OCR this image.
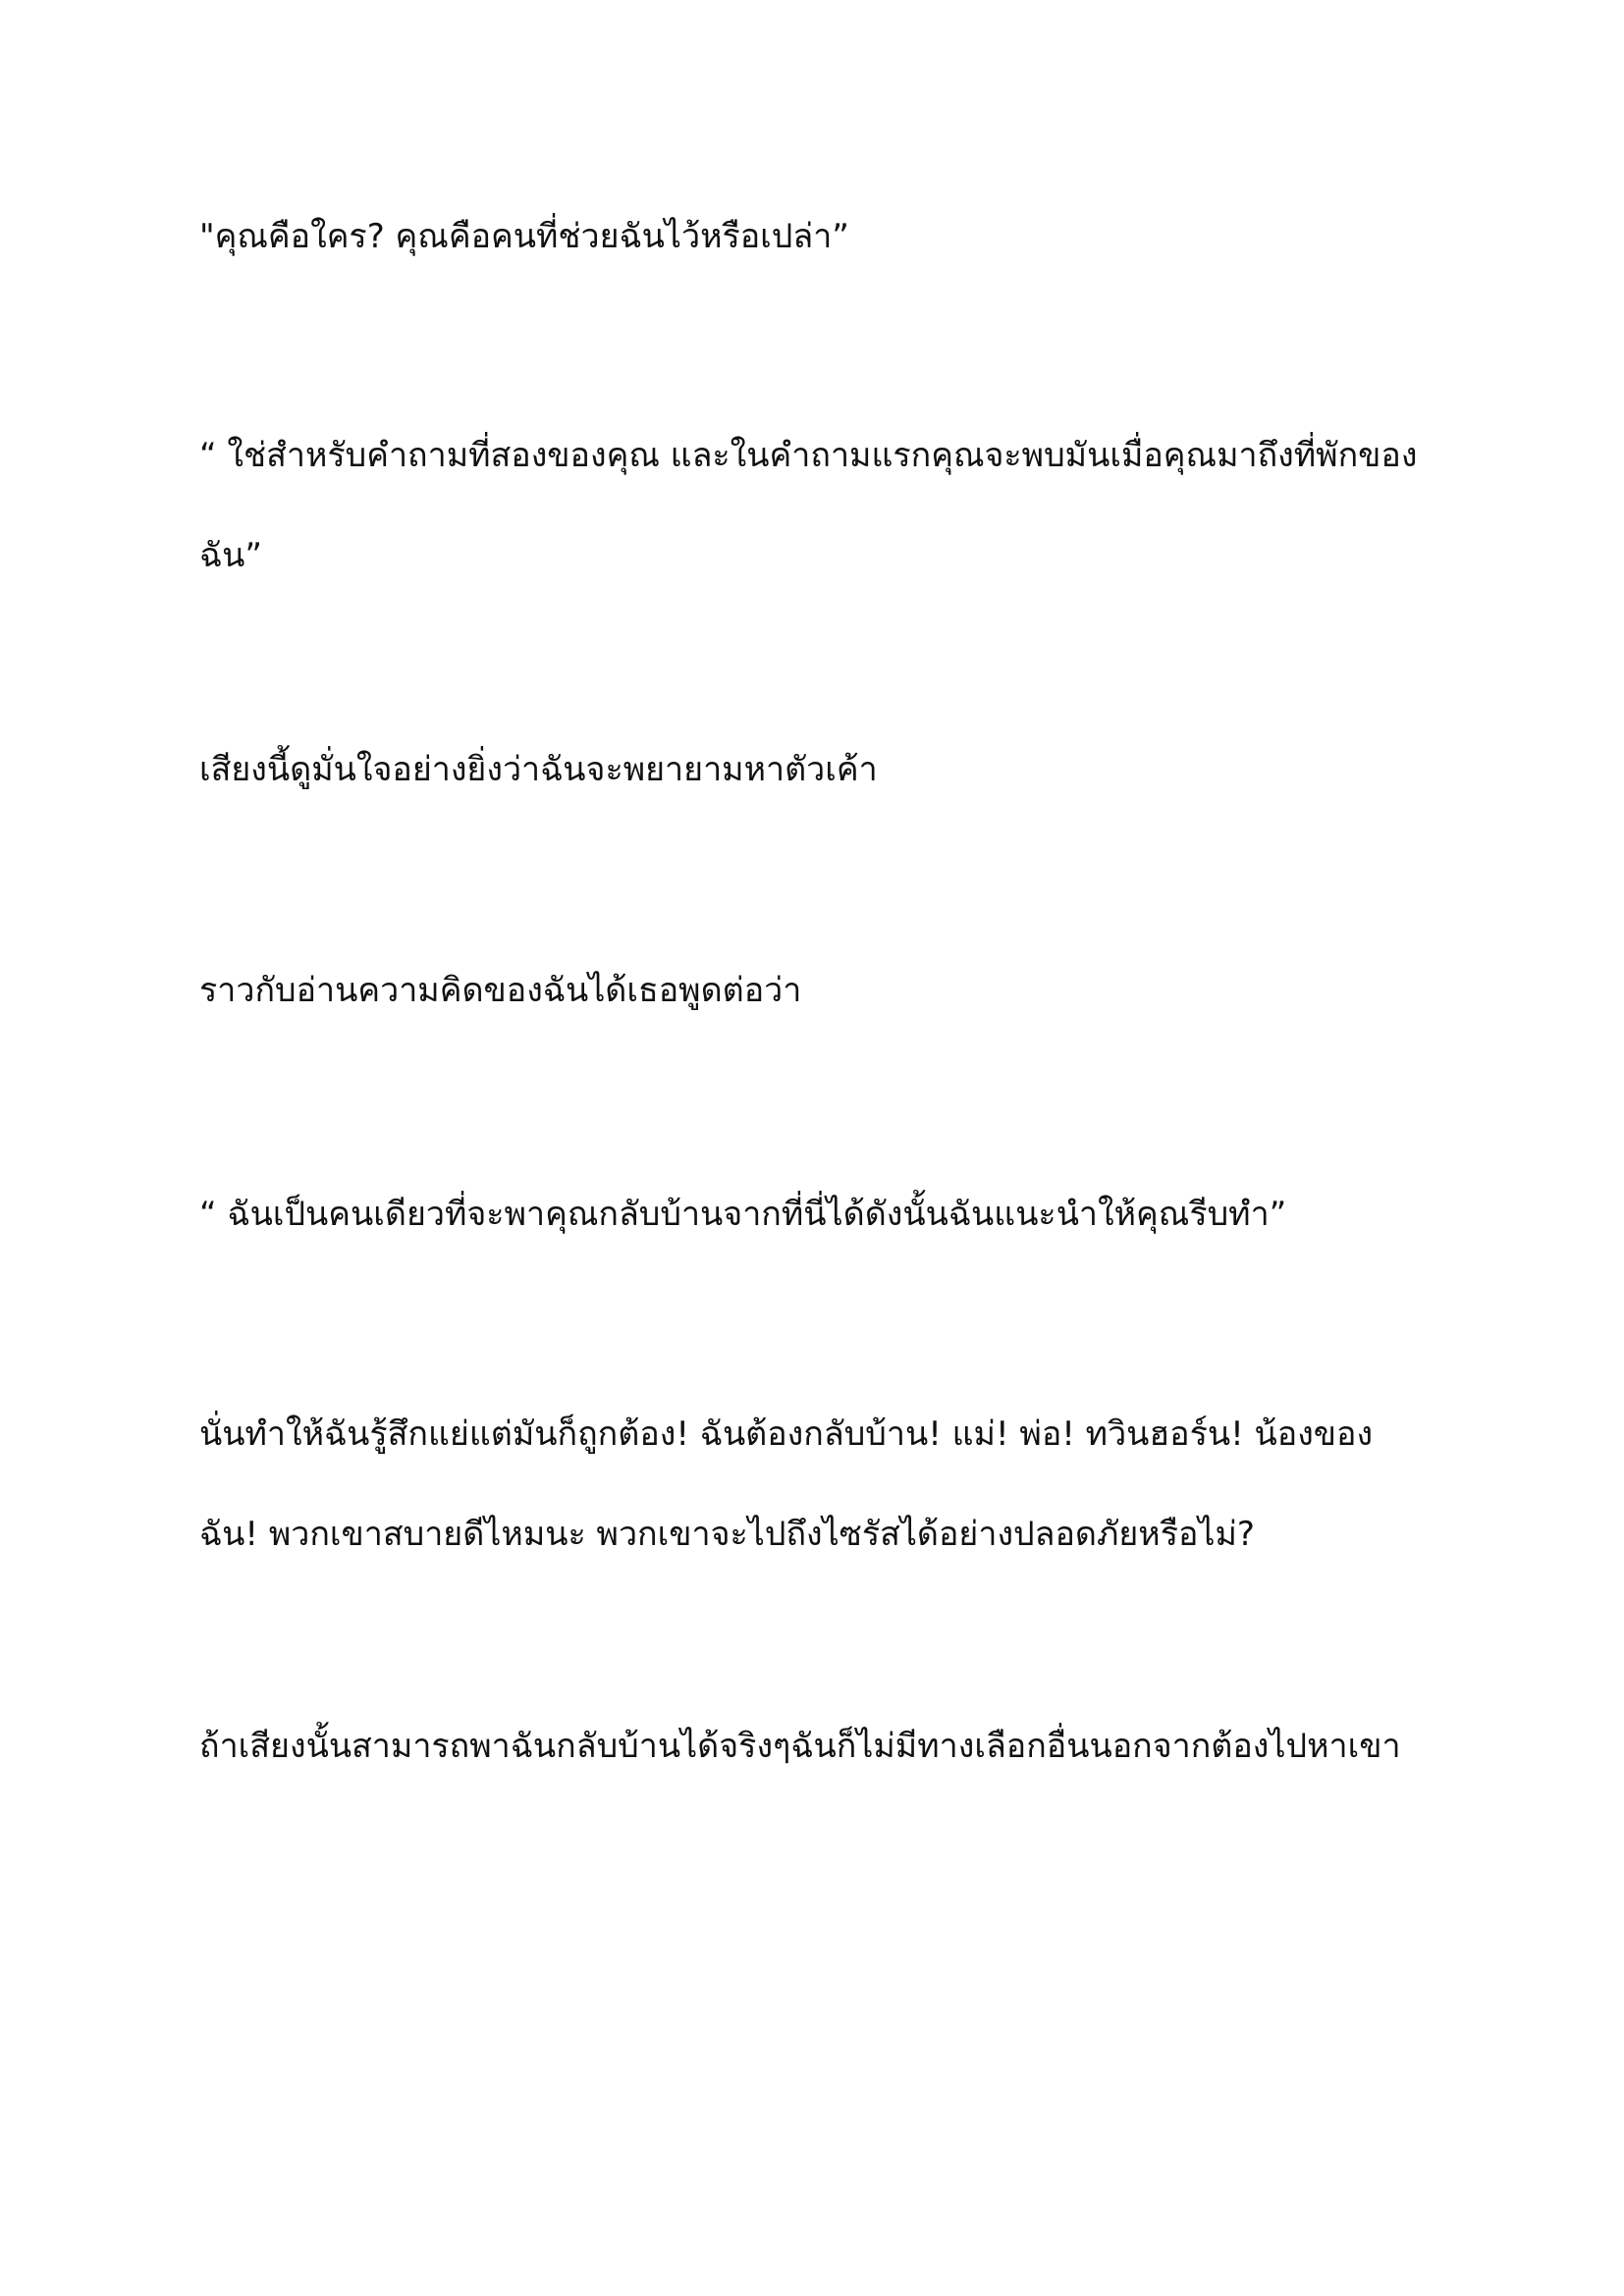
"คุณคือใคร? คุณคือคนที่ช่วยฉันไว้หรือเปล่า”

“ ใช่สำหรับคำถามที่สองของคุณ และในคำถามแรกคุณจะพบมันเมื่อคุณมาถึงที่พักของฉัน”

เสียงนี้ดูมั่นใจอย่างยิ่งว่าฉันจะพยายามหาตัวเค้า

ราวกับอ่านความคิดของฉันได้เธอพูดต่อว่า

“ ฉันเป็นคนเดียวที่จะพาคุณกลับบ้านจากที่นี่ได้ดังนั้นฉันแนะนำให้คุณรีบทำ”

นั่นทำให้ฉันรู้สึกแย่แต่มันก็ถูกต้อง! ฉันต้องกลับบ้าน! แม่! พ่อ! ทวินฮอร์น! น้องของฉัน! พวกเขาสบายดีไหมนะ พวกเขาจะไปถึงไซรัสได้อย่างปลอดภัยหรือไม่?

ถ้าเสียงนั้นสามารถพาฉันกลับบ้านได้จริงๆฉันก็ไม่มีทางเลือกอื่นนอกจากต้องไปหาเขา
